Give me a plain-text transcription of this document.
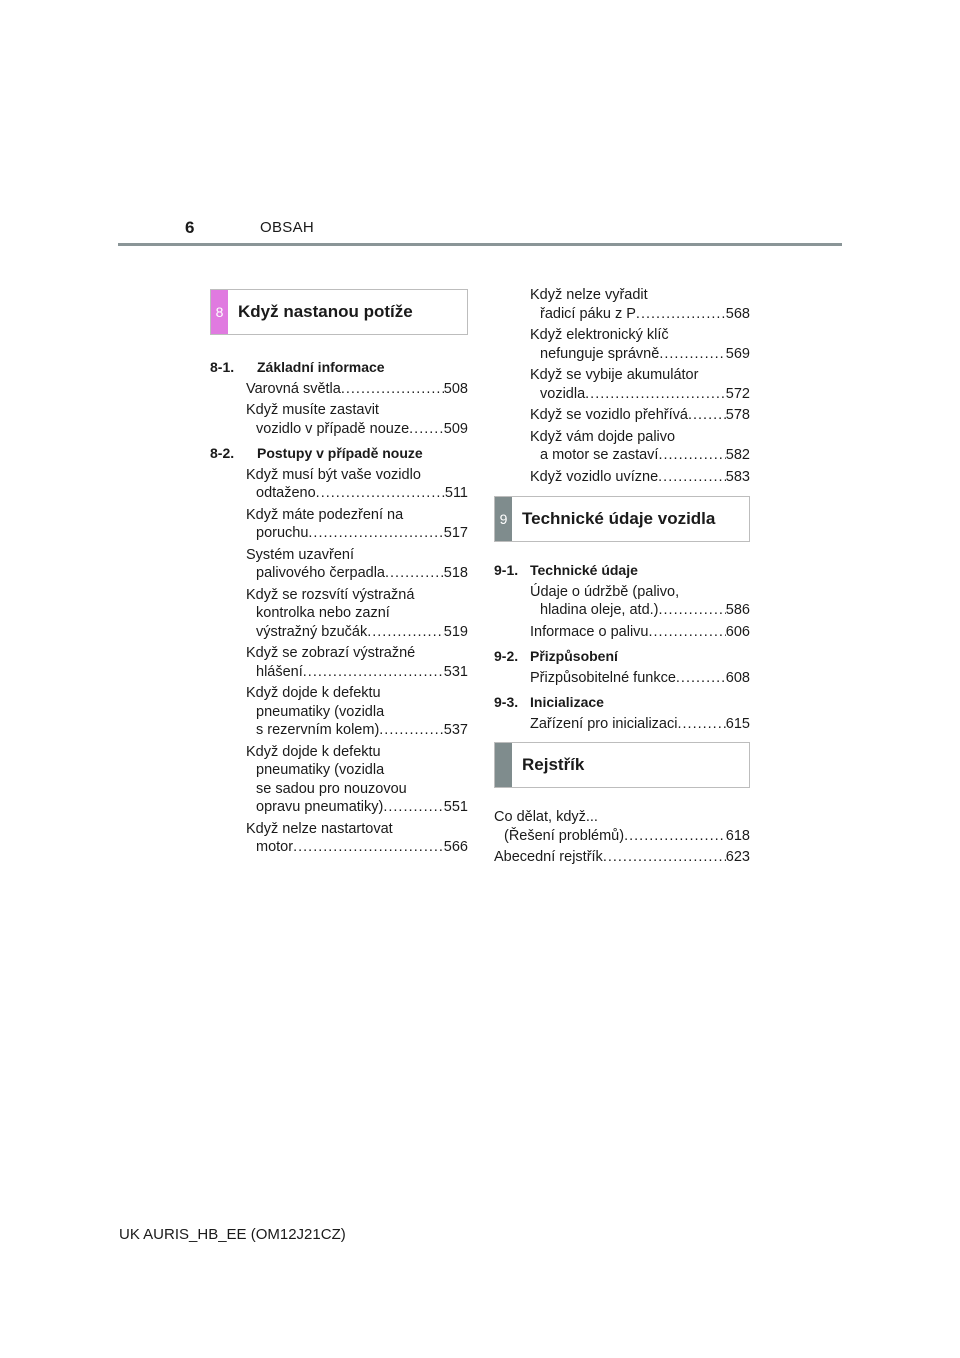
6	OBSAH
8 Když nastanou potíže
8-1. Základní informace
Varovná světla .....	508
Když musíte zastavit
vozidlo v případě nouze ..... 509
8-2. Postupy v případě nouze
Když musí být vaše vozidlo
odtaženo .....	511
Když máte podezření na
poruchu .....	517
Systém uzavření
palivového čerpadla .....	518
Když se rozsvítí výstražná
kontrolka nebo zazní
výstražný bzučák .....	519
Když se zobrazí výstražné
hlášení .....	531
Když dojde k defektu
pneumatiky (vozidla
s rezervním kolem) .....	537
Když dojde k defektu
pneumatiky (vozidla
se sadou pro nouzovou
opravu pneumatiky) .....	551
Když nelze nastartovat
motor .....	566
Když nelze vyřadit
řadicí páku z P .....	568
Když elektronický klíč
nefunguje správně .....	569
Když se vybije akumulátor
vozidla .....	572
Když se vozidlo přehřívá .....	578
Když vám dojde palivo
a motor se zastaví .....	582
Když vozidlo uvízne .....	583
9 Technické údaje vozidla
9-1. Technické údaje
Údaje o údržbě (palivo,
hladina oleje, atd.) .....	586
Informace o palivu .....	606
9-2. Přizpůsobení
Přizpůsobitelné funkce .....	608
9-3. Inicializace
Zařízení pro inicializaci .....	615
Rejstřík
Co dělat, když...
(Řešení problémů) .....	618
Abecední rejstřík .....	623
UK AURIS_HB_EE (OM12J21CZ)
